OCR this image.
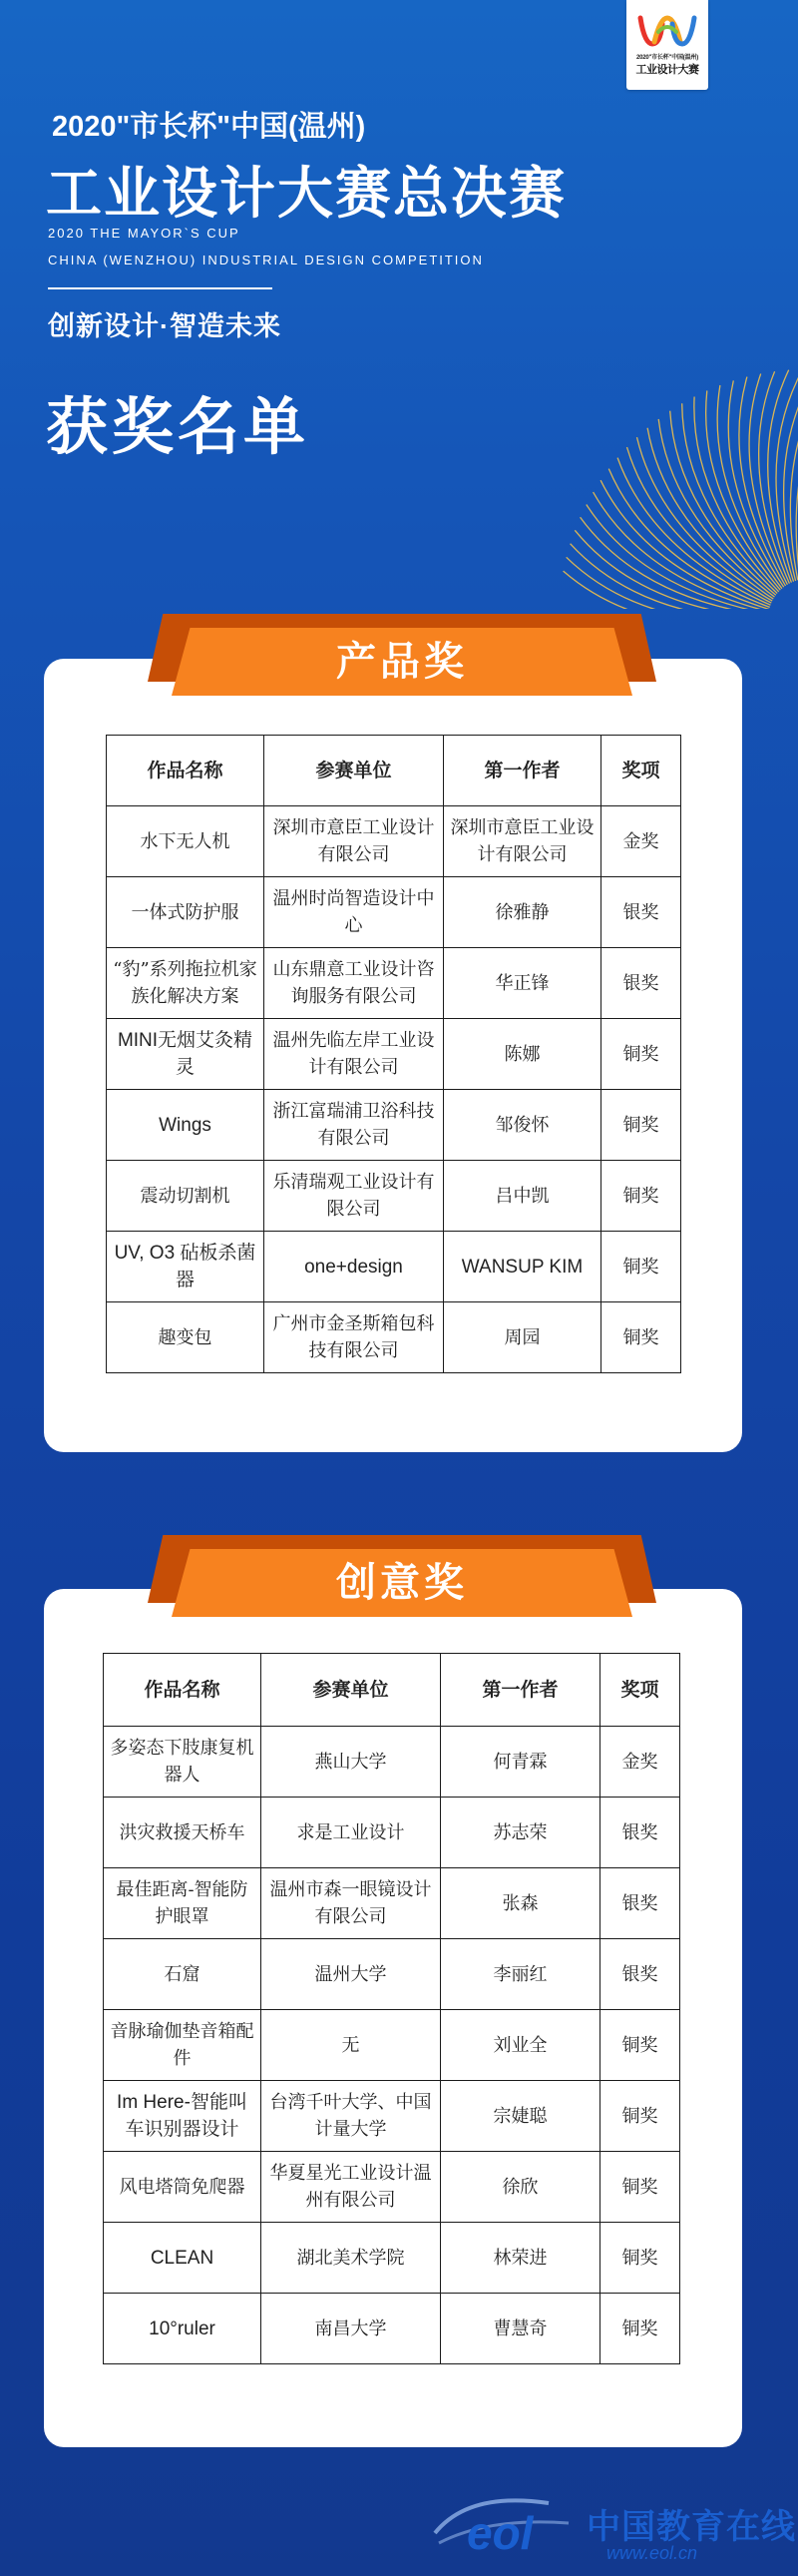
2020"市长杯"中国(温州)
工业设计大赛
2020"市长杯"中国(温州)
工业设计大赛总决赛
2020 THE MAYOR`S CUP
CHINA (WENZHOU) INDUSTRIAL DESIGN COMPETITION
创新设计·智造未来
获奖名单
产品奖
作品名称	参赛单位	第一作者	奖项
水下无人机	深圳市意臣工业设计有限公司	深圳市意臣工业设计有限公司	金奖
一体式防护服	温州时尚智造设计中心	徐雅静	银奖
“豹”系列拖拉机家族化解决方案	山东鼎意工业设计咨询服务有限公司	华正锋	银奖
MINI无烟艾灸精灵	温州先临左岸工业设计有限公司	陈娜	铜奖
Wings	浙江富瑞浦卫浴科技有限公司	邹俊怀	铜奖
震动切割机	乐清瑞观工业设计有限公司	吕中凯	铜奖
UV, O3 砧板杀菌器	one+design	WANSUP KIM	铜奖
趣变包	广州市金圣斯箱包科技有限公司	周园	铜奖
创意奖
作品名称	参赛单位	第一作者	奖项
多姿态下肢康复机器人	燕山大学	何青霖	金奖
洪灾救援天桥车	求是工业设计	苏志荣	银奖
最佳距离-智能防护眼罩	温州市森一眼镜设计有限公司	张森	银奖
石窟	温州大学	李丽红	银奖
音脉瑜伽垫音箱配件	无	刘业全	铜奖
Im Here-智能叫车识别器设计	台湾千叶大学、中国计量大学	宗婕聪	铜奖
风电塔筒免爬器	华夏星光工业设计温州有限公司	徐欣	铜奖
CLEAN	湖北美术学院	林荣进	铜奖
10°ruler	南昌大学	曹慧奇	铜奖
eol 中国教育在线
www.eol.cn
